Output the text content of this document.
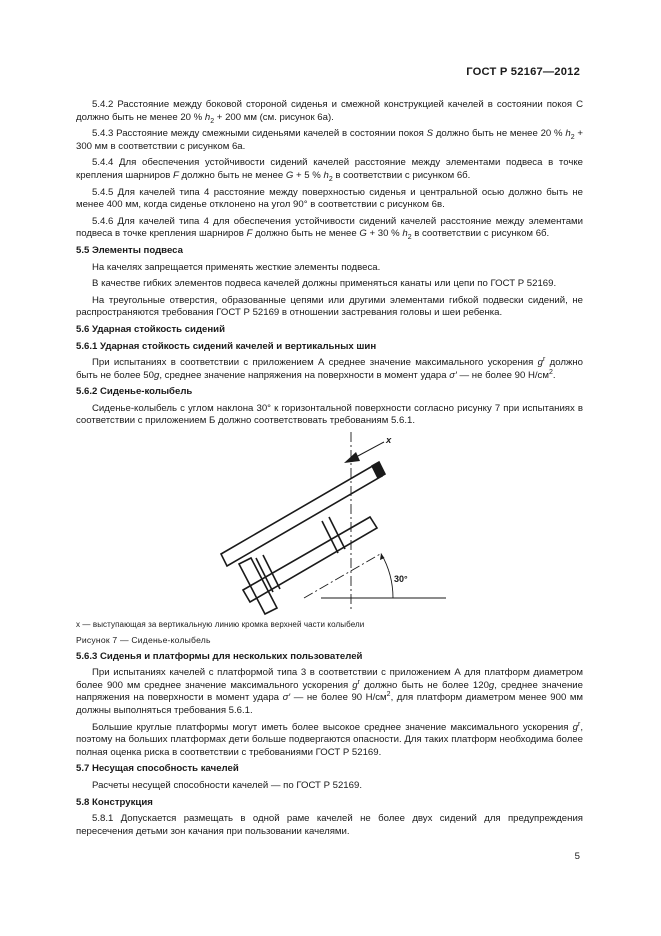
ГОСТ Р 52167—2012

5.4.2 Расстояние между боковой стороной сиденья и смежной конструкцией качелей в состоянии покоя С должно быть не менее 20 % $h_2 + 200$ мм (см. рисунок 6а).

5.4.3 Расстояние между смежными сиденьями качелей в состоянии покоя S должно быть не менее 20 % $h_2 + 300$ мм в соответствии с рисунком 6а.

5.4.4 Для обеспечения устойчивости сидений качелей расстояние между элементами подвеса в точке крепления шарниров F должно быть не менее G + 5 % $h_2$ в соответствии с рисунком 6б.

5.4.5 Для качелей типа 4 расстояние между поверхностью сиденья и центральной осью должно быть не менее 400 мм, когда сиденье отклонено на угол 90° в соответствии с рисунком 6в.

5.4.6 Для качелей типа 4 для обеспечения устойчивости сидений качелей расстояние между элементами подвеса в точке крепления шарниров F должно быть не менее G + 30 % $h_2$ в соответствии с рисунком 6б.

5.5 Элементы подвеса

На качелях запрещается применять жесткие элементы подвеса.

В качестве гибких элементов подвеса качелей должны применяться канаты или цепи по ГОСТ Р 52169.

На треугольные отверстия, образованные цепями или другими элементами гибкой подвески сидений, не распространяются требования ГОСТ Р 52169 в отношении застревания головы и шеи ребенка.

5.6 Ударная стойкость сидений

5.6.1 Ударная стойкость сидений качелей и вертикальных шин

При испытаниях в соответствии с приложением А среднее значение максимального ускорения $g^r$ должно быть не более 50g, среднее значение напряжения на поверхности в момент удара σ′ — не более 90 $Н/см^2$.

5.6.2 Сиденье-колыбель

Сиденье-колыбель с углом наклона 30° к горизонтальной поверхности согласно рисунку 7 при испытаниях в соответствии с приложением Б должно соответствовать требованиям 5.6.1.

x
30°

x — выступающая за вертикальную линию кромка верхней части колыбели

Рисунок 7 — Сиденье-колыбель

5.6.3 Сиденья и платформы для нескольких пользователей

При испытаниях качелей с платформой типа 3 в соответствии с приложением А для платформ диаметром более 900 мм среднее значение максимального ускорения $g^r$ должно быть не более 120g, среднее значение напряжения на поверхности в момент удара σ′ — не более 90 $Н/см^2$, для платформ диаметром менее 900 мм должны выполняться требования 5.6.1.

Большие круглые платформы могут иметь более высокое среднее значение максимального ускорения $g^r$, поэтому на больших платформах дети больше подвергаются опасности. Для таких платформ необходима более полная оценка риска в соответствии с требованиями ГОСТ Р 52169.

5.7 Несущая способность качелей

Расчеты несущей способности качелей — по ГОСТ Р 52169.

5.8 Конструкция

5.8.1 Допускается размещать в одной раме качелей не более двух сидений для предупреждения пересечения детьми зон качания при пользовании качелями.

5
